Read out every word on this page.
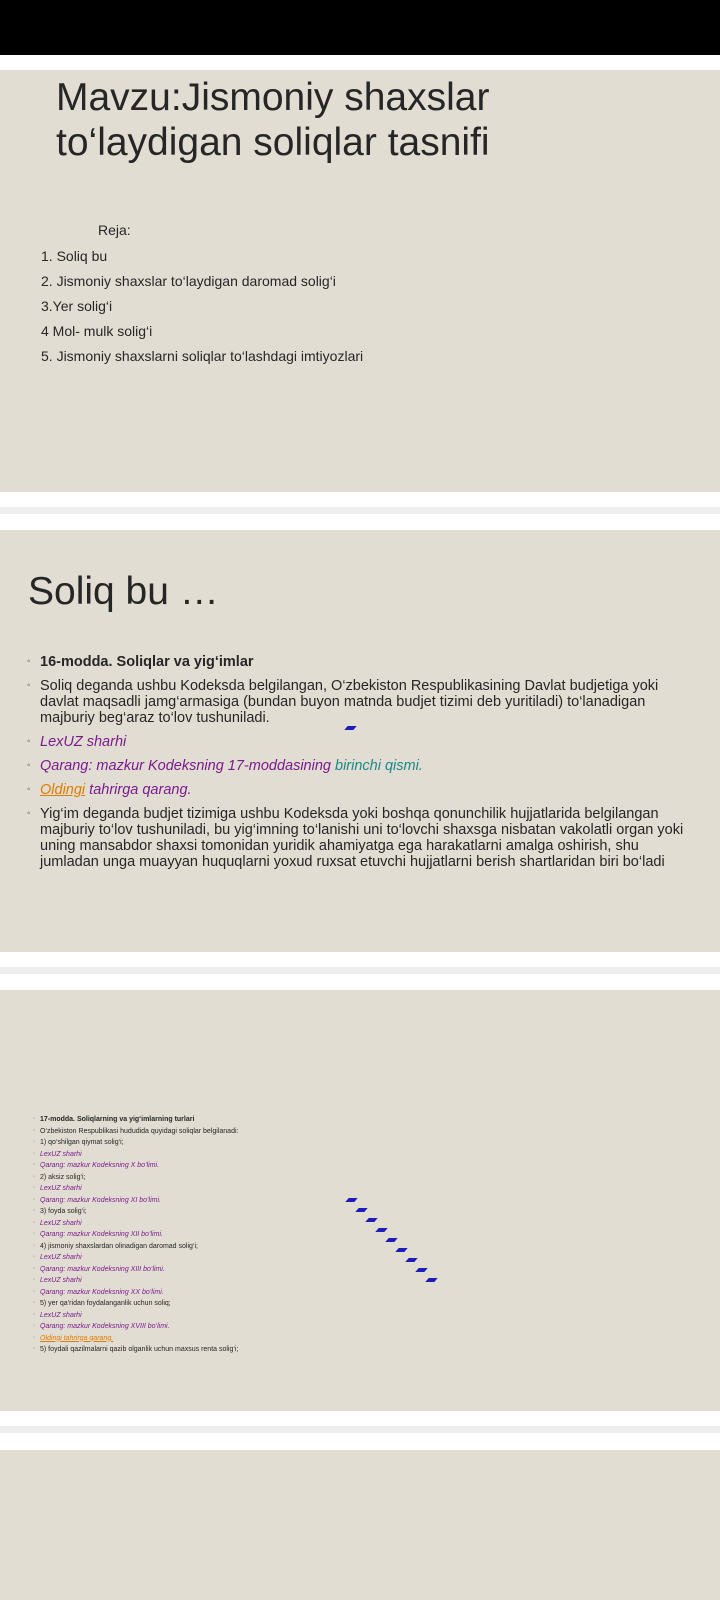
Mavzu:Jismoniy shaxslar
to‘laydigan soliqlar tasnifi
Reja:
1. Soliq bu
2. Jismoniy shaxslar to‘laydigan daromad solig‘i
3.Yer solig‘i
4 Mol- mulk solig‘i
5. Jismoniy shaxslarni soliqlar to‘lashdagi imtiyozlari
Soliq bu …
◦ 16-modda. Soliqlar va yig‘imlar
◦ Soliq deganda ushbu Kodeksda belgilangan, O‘zbekiston Respublikasining Davlat budjetiga yoki davlat maqsadli jamg‘armasiga (bundan buyon matnda budjet tizimi deb yuritiladi) to‘lanadigan majburiy beg‘araz to‘lov tushuniladi.
◦ LexUZ sharhi
◦ Qarang: mazkur Kodeksning 17-moddasining birinchi qismi.
◦ Oldingi tahrirga qarang.
◦ Yig‘im deganda budjet tizimiga ushbu Kodeksda yoki boshqa qonunchilik hujjatlarida belgilangan majburiy to‘lov tushuniladi, bu yig‘imning to‘lanishi uni to‘lovchi shaxsga nisbatan vakolatli organ yoki uning mansabdor shaxsi tomonidan yuridik ahamiyatga ega harakatlarni amalga oshirish, shu jumladan unga muayyan huquqlarni yoxud ruxsat etuvchi hujjatlarni berish shartlaridan biri bo‘ladi
◦ 17-modda. Soliqlarning va yig‘imlarning turlari
◦ O‘zbekiston Respublikasi hududida quyidagi soliqlar belgilanadi:
◦ 1) qo‘shilgan qiymat solig‘i;
◦ LexUZ sharhi
◦ Qarang: mazkur Kodeksning X bo‘limi.
◦ 2) aksiz solig‘i;
◦ LexUZ sharhi
◦ Qarang: mazkur Kodeksning XI bo‘limi.
◦ 3) foyda solig‘i;
◦ LexUZ sharhi
◦ Qarang: mazkur Kodeksning XII bo‘limi.
◦ 4) jismoniy shaxslardan olinadigan daromad solig‘i;
◦ LexUZ sharhi
◦ Qarang: mazkur Kodeksning XIII bo‘limi.
◦ LexUZ sharhi
◦ Qarang: mazkur Kodeksning XX bo‘limi.
◦ 5) yer qa’ridan foydalanganlik uchun soliq;
◦ LexUZ sharhi
◦ Qarang: mazkur Kodeksning XVIII bo‘limi.
◦ Oldingi tahrirga qarang.
◦ 5) foydali qazilmalarni qazib olganlik uchun maxsus renta solig‘i;
